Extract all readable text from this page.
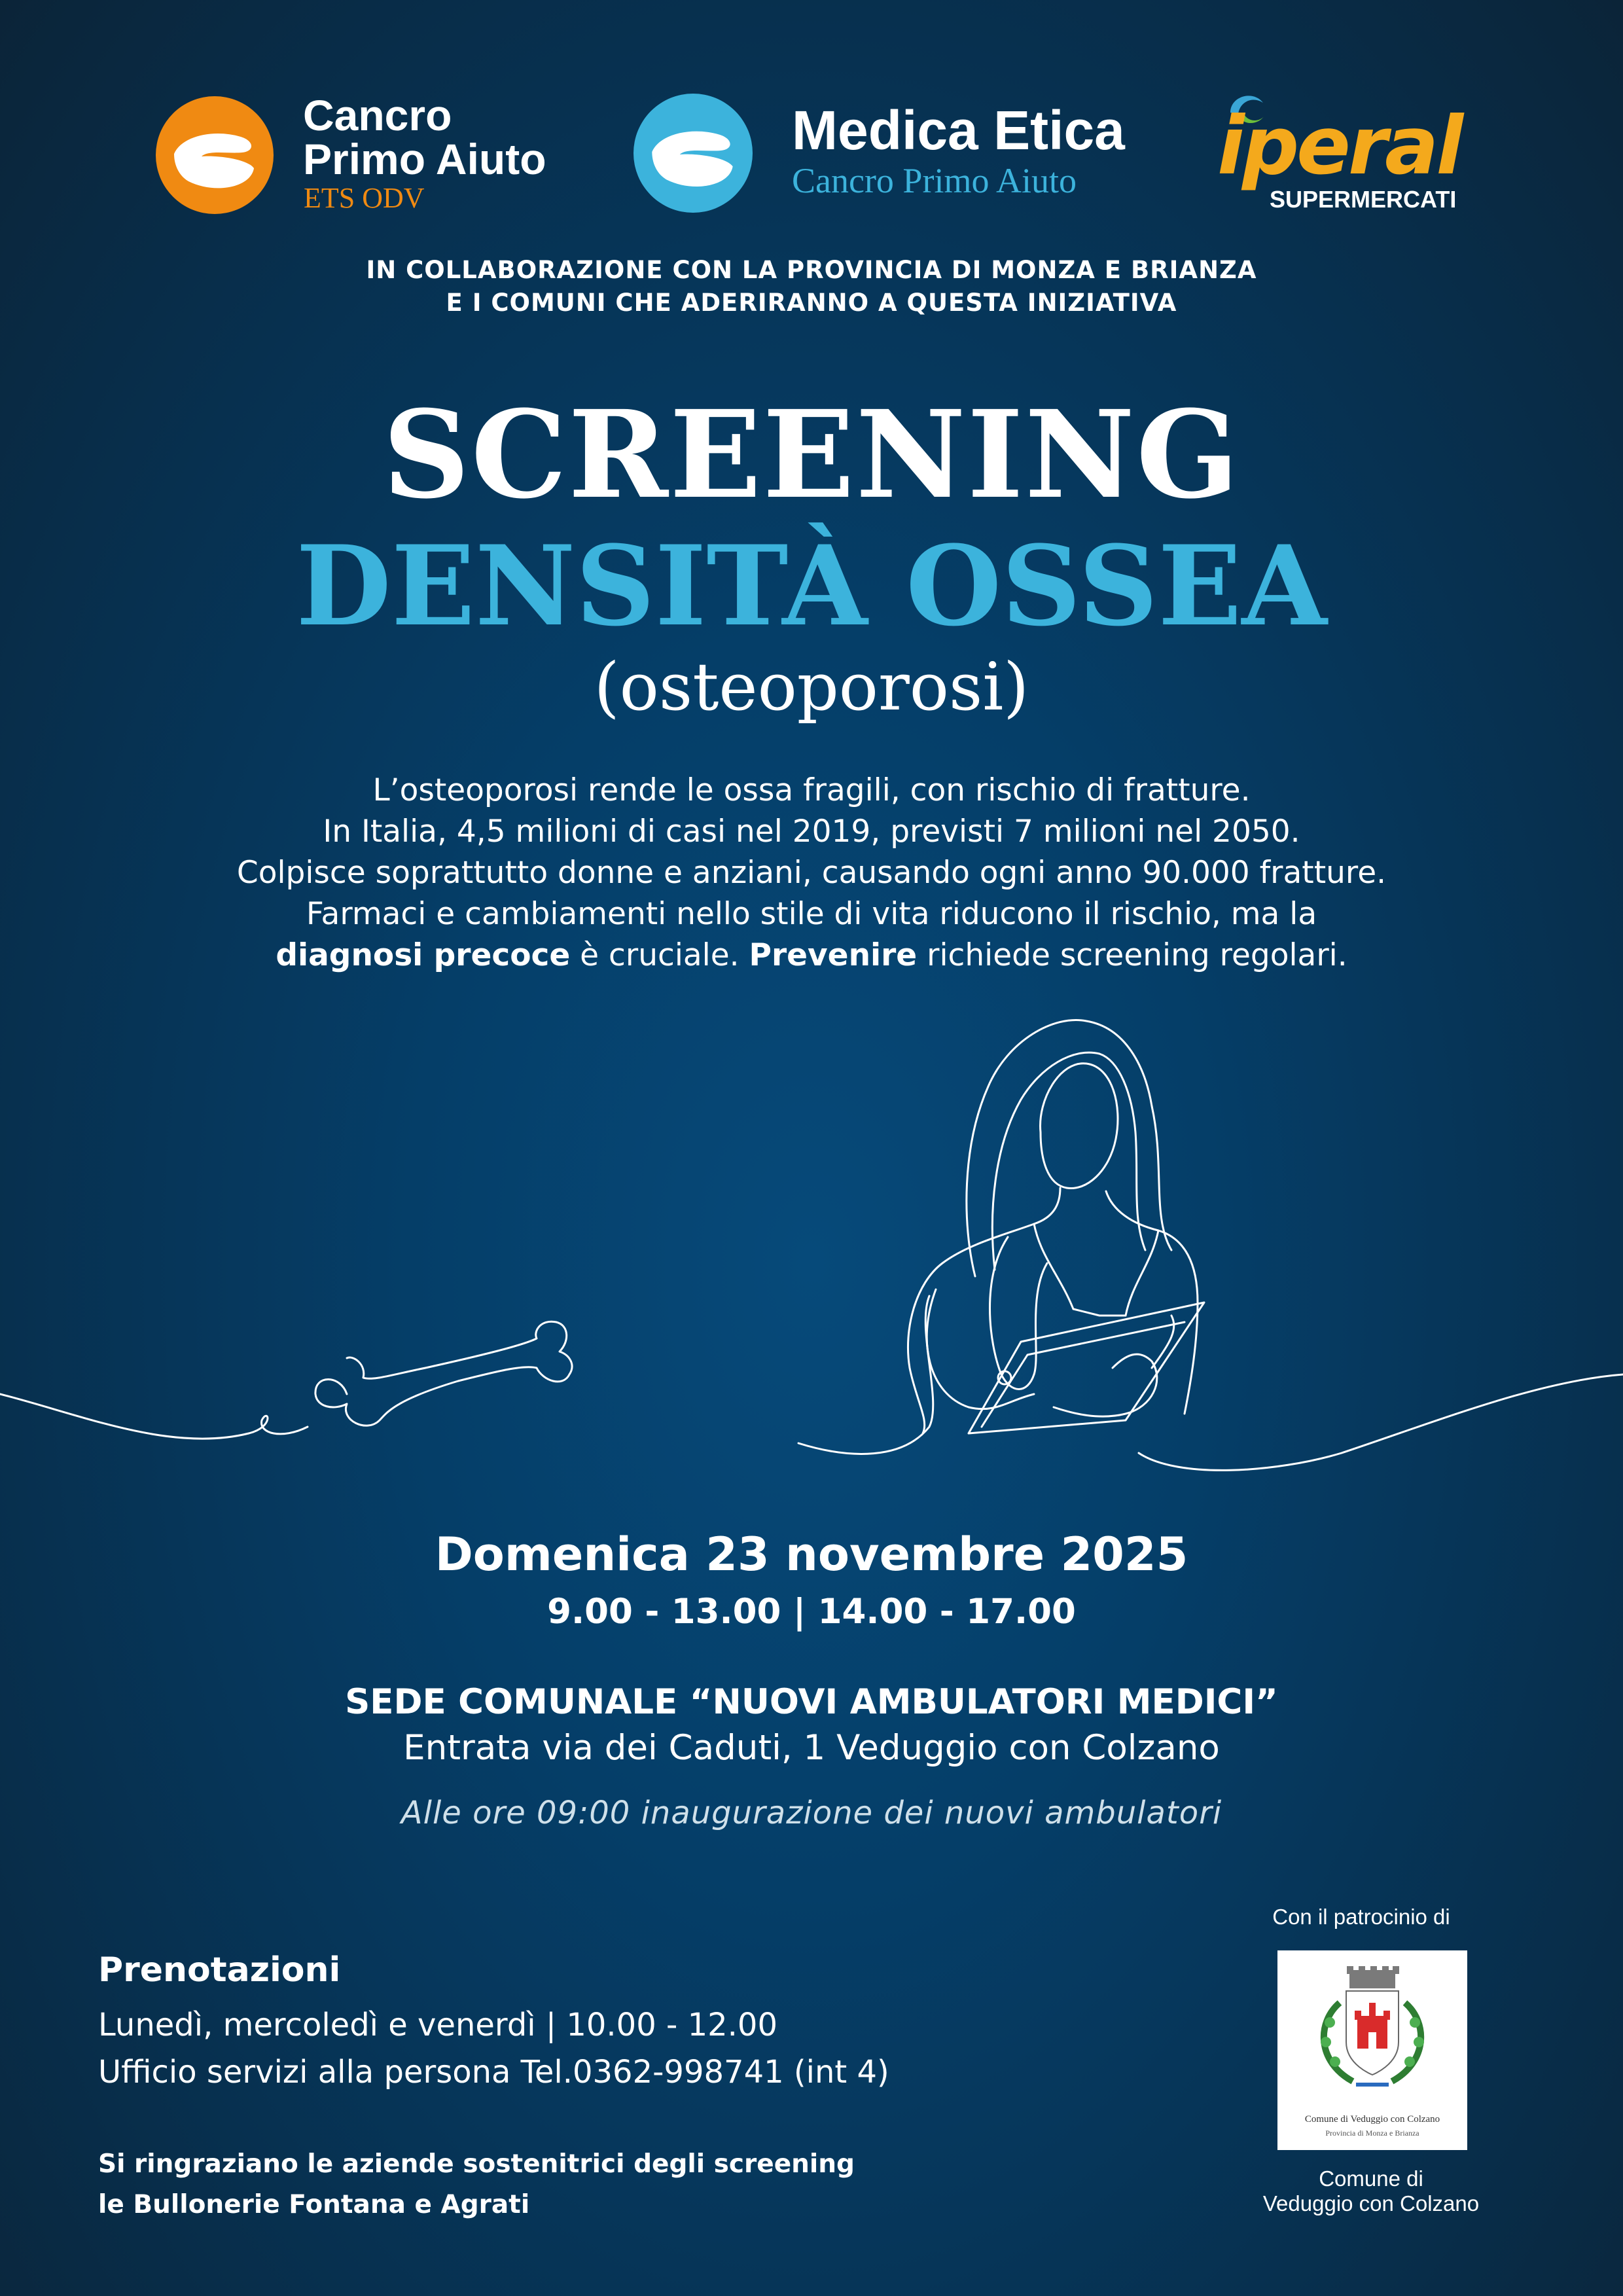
Cancro
Primo Aiuto
ETS ODV
Medica Etica
Cancro Primo Aiuto iperal
SUPERMERCATI
IN COLLABORAZIONE CON LA PROVINCIA DI MONZA E BRIANZA
E I COMUNI CHE ADERIRANNO A QUESTA INIZIATIVA
SCREENING
DENSITÀ OSSEA
(osteoporosi)
L’osteoporosi rende le ossa fragili, con rischio di fratture.
In Italia, 4,5 milioni di casi nel 2019, previsti 7 milioni nel 2050.
Colpisce soprattutto donne e anziani, causando ogni anno 90.000 fratture.
Farmaci e cambiamenti nello stile di vita riducono il rischio, ma la
diagnosi precoce è cruciale. Prevenire richiede screening regolari.
Domenica 23 novembre 2025
9.00 - 13.00 | 14.00 - 17.00
SEDE COMUNALE “NUOVI AMBULATORI MEDICI”
Entrata via dei Caduti, 1 Veduggio con Colzano
Alle ore 09:00 inaugurazione dei nuovi ambulatori
Prenotazioni
Lunedì, mercoledì e venerdì | 10.00 - 12.00
Ufficio servizi alla persona Tel.0362-998741 (int 4)
Si ringraziano le aziende sostenitrici degli screening
le Bullonerie Fontana e Agrati
Con il patrocinio di
Comune di Veduggio con Colzano
Provincia di Monza e Brianza
Comune di
Veduggio con Colzano
